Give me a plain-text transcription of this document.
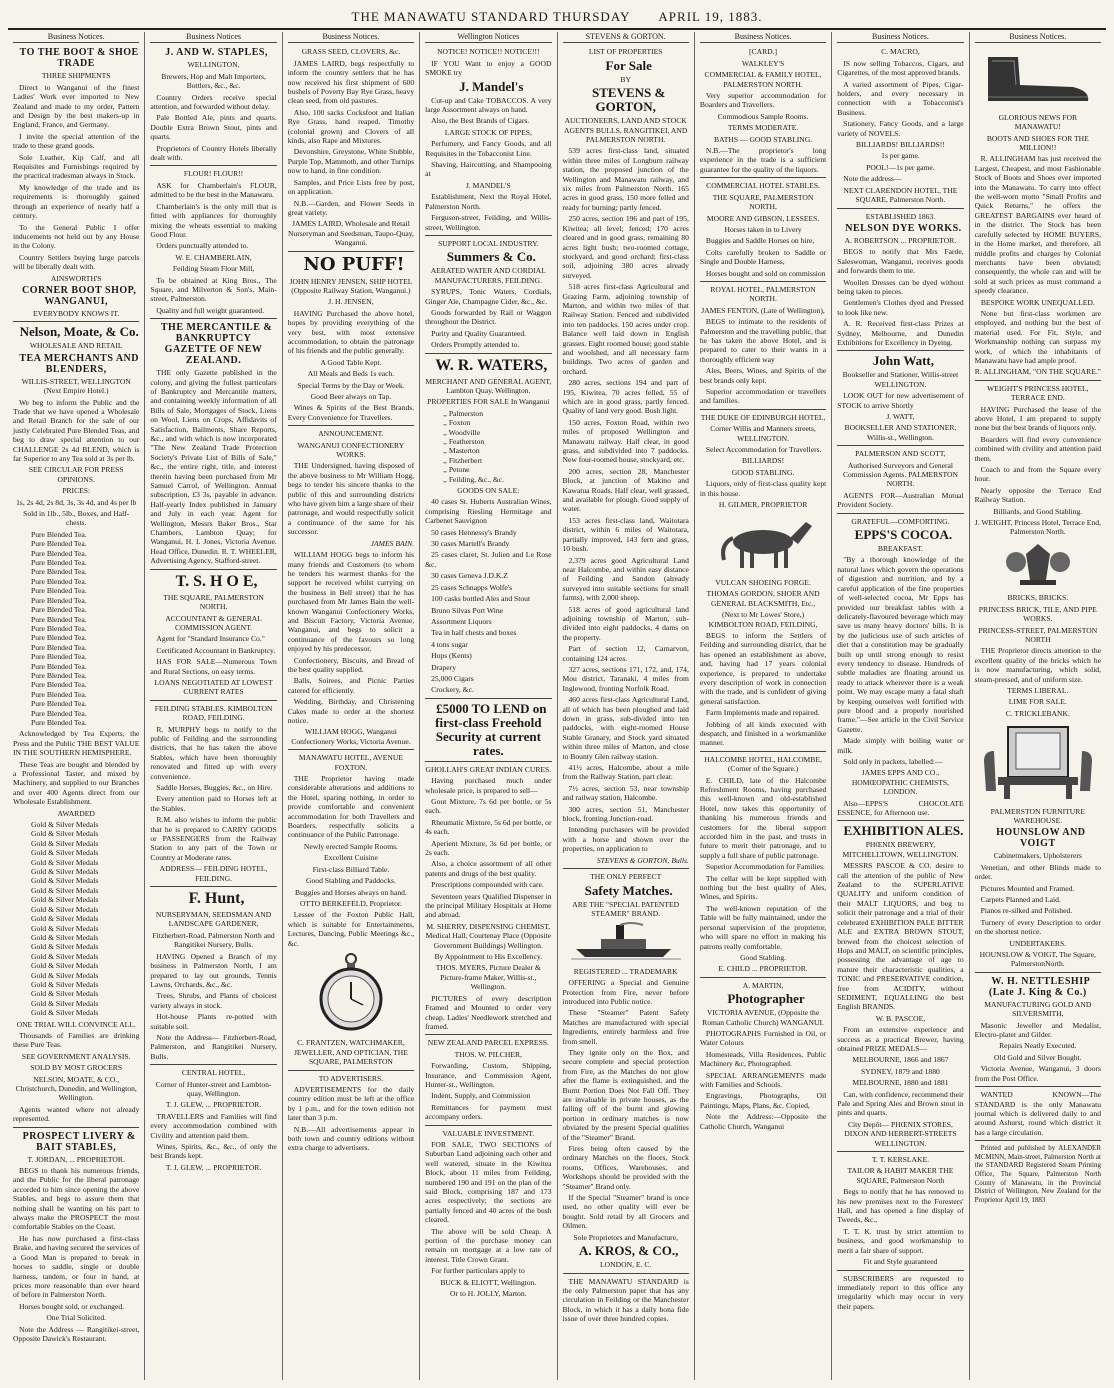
THE MANAWATU STANDARD THURSDAY APRIL 19, 1883.
Business Notices.

TO THE BOOT & SHOE TRADE

THREE SHIPMENTS

Direct to Wanganui of the finest Ladies' Work ever imported to New Zealand and made to my order, Pattern and Design by the best makers-up in England, France, and Germany.

I invite the special attention of the trade to these grand goods.

Sole Leather, Kip Calf, and all Requisites and Furnishings required by the practical tradesman always in Stock.

My knowledge of the trade and its requirements is thoroughly gained through an experience of nearly half a century.

To the General Public I offer inducements not held out by any House in the Colony.

Country Settlers buying large parcels will be liberally dealt with.

AINSWORTH'S

CORNER BOOT SHOP, WANGANUI,

EVERYBODY KNOWS IT.

Nelson, Moate, & Co.

WHOLESALE AND RETAIL

TEA MERCHANTS AND BLENDERS,

WILLIS-STREET, WELLINGTON (Next Empire Hotel.)

We beg to inform the Public and the Trade that we have opened a Wholesale and Retail Branch for the sale of our justly Celebrated Pure Blended Teas, and beg to draw special attention to our CHALLENGE 2s 4d BLEND, which is far Superior to any Tea sold at 3s per lb.

SEE CIRCULAR FOR PRESS OPINIONS.

PRICES:

1s, 2s 4d, 2s 8d, 3s, 3s 4d, and 4s per lb

Sold in 1lb., 5lb., Boxes, and Half-chests.

Pure Blended Tea.
Pure Blended Tea.
Pure Blended Tea.
Pure Blended Tea.
Pure Blended Tea.
Pure Blended Tea.
Pure Blended Tea.
Pure Blended Tea.
Pure Blended Tea.
Pure Blended Tea.
Pure Blended Tea.
Pure Blended Tea.
Pure Blended Tea.
Pure Blended Tea.
Pure Blended Tea.
Pure Blended Tea.
Pure Blended Tea.
Pure Blended Tea.
Pure Blended Tea.
Pure Blended Tea.
Pure Blended Tea.

Acknowledged by Tea Experts, the Press and the Public THE BEST VALUE IN THE SOUTHERN HEMISPHERE.

These Teas are bought and blended by a Professional Taster, and mixed by Machinery, and supplied to our Branches and over 400 Agents direct from our Wholesale Establishment.

AWARDED

Gold & Silver Medals
Gold & Silver Medals
Gold & Silver Medals
Gold & Silver Medals
Gold & Silver Medals
Gold & Silver Medals
Gold & Silver Medals
Gold & Silver Medals
Gold & Silver Medals
Gold & Silver Medals
Gold & Silver Medals
Gold & Silver Medals
Gold & Silver Medals
Gold & Silver Medals
Gold & Silver Medals
Gold & Silver Medals
Gold & Silver Medals
Gold & Silver Medals
Gold & Silver Medals
Gold & Silver Medals
Gold & Silver Medals

ONE TRIAL WILL CONVINCE ALL.

Thousands of Families are drinking these Pure Teas.

SEE GOVERNMENT ANALYSIS.

SOLD BY MOST GROCERS

NELSON, MOATE, & CO., Christchurch, Dunedin, and Wellington, Wellington.

Agents wanted where not already represented.

PROSPECT LIVERY & BAIT STABLES,

T. JORDAN, ... PROPRIETOR.

BEGS to thank his numerous friends, and the Public for the liberal patronage accorded to him since opening the above Stables, and begs to assure them that nothing shall be wanting on his part to always make the PROSPECT the most comfortable Stables on the Coast.

He has now purchased a first-class Brake, and having secured the services of a Good Man is prepared to break in horses to saddle, single or double harness, tandem, or four in hand, at prices more reasonable than ever heard of before in Palmerston North.

Horses bought sold, or exchanged.

One Trial Solicited.

Note the Address — Rangitikei-street, Opposite Dawick's Restaurant.

Business Notices

J. AND W. STAPLES,

WELLINGTON,

Brewers, Hop and Malt Importers, Bottlers, &c., &c.

Country Orders receive special attention, and forwarded without delay.

Pale Bottled Ale, pints and quarts. Double Extra Brown Stout, pints and quarts.

Proprietors of Country Hotels liberally dealt with.

FLOUR! FLOUR!!

ASK for Chamberlain's FLOUR, admitted to be the best in the Manawatu.

Chamberlain's is the only mill that is fitted with appliances for thoroughly mixing the wheats essential to making Good Flour.

Orders punctually attended to.

W. E. CHAMBERLAIN,

Feilding Steam Flour Mill,

To be obtained at King Bros., The Square, and Milverton & Son's, Main-street, Palmerston.

Quality and full weight guaranteed.

THE MERCANTILE & BANKRUPTCY GAZETTE OF NEW ZEALAND.

THE only Gazette published in the colony, and giving the fullest particulars of Bankruptcy and Mercantile matters, and containing weekly information of all Bills of Sale, Mortgages of Stock, Liens on Wool, Liens on Crops, Affidavits of Satisfaction, Bailments, Share Reports, &c., and with which is now incorporated "The New Zealand Trade Protection Society's Private List of Bills of Sale," &c., the entire right, title, and interest therein having been purchased from Mr Samuel Carrol, of Wellington. Annual subscription, £3 3s, payable in advance. Half-yearly Index published in January and July in each year. Agent for Wellington, Messrs Baker Bros., Star Chambers, Lambton Quay; for Wanganui, H. I. Jones, Victoria Avenue. Head Office, Dunedin. R. T. WHEELER, Advertising Agency, Stafford-street.

T. S. H O E,

THE SQUARE, PALMERSTON NORTH.

ACCOUNTANT & GENERAL COMMISSION AGENT.

Agent for "Standard Insurance Co."

Certificated Accountant in Bankruptcy.

HAS FOR SALE—Numerous Town and Rural Sections, on easy terms.

LOANS NEGOTIATED AT LOWEST CURRENT RATES

FEILDING STABLES. KIMBOLTON ROAD, FEILDING.

R. MURPHY begs to notify to the public of Feilding and the surrounding districts, that he has taken the above Stables, which have been thoroughly renovated and fitted up with every convenience.

Saddle Horses, Buggies, &c., on Hire.

Every attention paid to Horses left at the Stables.

R.M. also wishes to inform the public that he is prepared to CARRY GOODS or PASSENGERS from the Railway Station to any part of the Town or Country at Moderate rates.

ADDRESS— FEILDING HOTEL, FEILDING.

F. Hunt,

NURSERYMAN, SEEDSMAN AND LANDSCAPE GARDENER,

Fitzherbert-Road, Palmerston North and Rangitikei Nursery, Bulls.

HAVING Opened a Branch of my business in Palmerston North, I am prepared to lay out grounds, Tennis Lawns, Orchards, &c., &c.

Trees, Shrubs, and Plants of choicest variety always in stock.

Hot-house Plants re-potted with suitable soil.

Note the Address— Fitzherbert-Road, Palmerston, and Rangitikei Nursery, Bulls.

CENTRAL HOTEL,

Corner of Hunter-street and Lambton-quay, Wellington.

T. J. GLEW, ... PROPRIETOR.

TRAVELLERS and Families will find every accommodation combined with Civility and attention paid them.

Wines, Spirits, &c., &c., of only the best Brands kept.

T. J. GLEW, ... PROPRIETOR.

Business Notices.

GRASS SEED, CLOVERS, &c.

JAMES LAIRD, begs respectfully to inform the country settlers that he has now received his first shipment of 600 bushels of Poverty Bay Rye Grass, heavy clean seed, from old pastures.

Also, 100 sacks Cocksfoot and Italian Rye Grass, hand reaped. Timothy (colonial grown) and Clovers of all kinds, also Rape and Mixtures.

Devonshire, Greystone, White Stubble, Purple Top, Mammoth, and other Turnips now to hand, in fine condition.

Samples, and Price Lists free by post, on application.

N.B.—Garden, and Flower Seeds in great variety.

JAMES LAIRD, Wholesale and Retail Nurseryman and Seedsman, Taupo-Quay, Wanganui.

NO PUFF!

JOHN HENRY JENSEN, SHIP HOTEL (Opposite Railway Station, Wanganui.)

J. H. JENSEN,

HAVING Purchased the above hotel, hopes by providing everything of the very best, with most extensive accommodation, to obtain the patronage of his friends and the public generally.

A Good Table Kept.

All Meals and Beds 1s each.

Special Terms by the Day or Week.

Good Beer always on Tap.

Wines & Spirits of the Best Brands. Every Convenience for Travellers.

ANNOUNCEMENT.

WANGANUI CONFECTIONERY WORKS.

THE Undersigned, having disposed of the above business to Mr William Hogg, begs to tender his sincere thanks to the public of this and surrounding districts who have given him a large share of their patronage, and would respectfully solicit a continuance of the same for his successor.

JAMES BAIN.

WILLIAM HOGG begs to inform his many friends and Customers (to whom he tenders his warmest thanks for the support he received whilst carrying on the business in Bell street) that he has purchased from Mr James Bain the well-known Wanganui Confectionery Works, and Biscuit Factory, Victoria Avenue, Wanganui, and begs to solicit a continuance of the favours so long enjoyed by his predecessor.

Confectionery, Biscuits, and Bread of the best quality supplied.

Balls, Soirees, and Picnic Parties catered for efficiently.

Wedding, Birthday, and Christening Cakes made to order at the shortest notice.

WILLIAM HOGG, Wanganui Confectionery Works, Victoria Avenue.

MANAWATU HOTEL, AVENUE FOXTON.

THE Proprietor having made considerable alterations and additions to the Hotel, sparing nothing, in order to provide comfortable and convenient accommodation for both Travellers and Boarders, respectfully solicits a continuance of the Public Patronage.

Newly erected Sample Rooms.

Excellent Cuisine

First-class Billiard Table.

Good Stabling and Paddocks.

Buggies and Horses always on hand.

OTTO BERKEFELD, Proprietor.

Lessee of the Foxton Public Hall, which is suitable for Entertainments, Lectures, Dancing, Public Meetings &c., &c.

C. FRANTZEN, WATCHMAKER, JEWELLER, AND OPTICIAN, THE SQUARE, PALMERSTON

TO ADVERTISERS.

ADVERTISEMENTS for the daily country edition must be left at the office by 1 p.m., and for the town edition not later than 3 p.m.

N.B.—All advertisements appear in both town and country editions without extra charge to advertisers.

Wellington Notices

NOTICE! NOTICE!! NOTICE!!!

IF YOU Want to enjoy a GOOD SMOKE try

J. Mandel's

Cut-up and Cake TOBACCOS. A very large Assortment always on hand.

Also, the Best Brands of Cigars.

LARGE STOCK OF PIPES,

Perfumery, and Fancy Goods, and all Requisites in the Tobacconist Line.

Shaving, Haircutting, and Shampooing at

J. MANDEL'S

Establishment, Next the Royal Hotel, Palmerston North.

Ferguson-street, Feilding, and Willis-street, Wellington.

SUPPORT LOCAL INDUSTRY.

Summers & Co.

AERATED WATER AND CORDIAL MANUFACTURERS, FEILDING.

SYRUPS, Tonic Waters, Cordials, Ginger Ale, Champagne Cider, &c., &c.

Goods forwarded by Rail or Waggon throughout the District.

Purity and Quality Guaranteed.

Orders Promptly attended to.

W. R. WATERS,

MERCHANT AND GENERAL AGENT, Lambton Quay, Wellington.

PROPERTIES FOR SALE In Wanganui

,, Palmerston
,, Foxton
,, Woodville
,, Featherston
,, Masterton
,, Fitzherbert
,, Petone
,, Feilding, &c., &c.

GOODS ON SALE:

40 cases St. Huberts Australian Wines, comprising Riesling Hermitage and Carbenet Sauvignon

50 cases Hennessy's Brandy

30 cases Martell's Brandy

25 cases claret, St. Julien and Le Rose &c.

30 cases Geneva J.D.K.Z

25 cases Schnapps Wolfe's

100 casks bottled Ales and Stout

Bruno Silvas Port Wine

Assortment Liquors

Tea in half chests and boxes

4 tons sugar

Hops (Kents)

Drapery

25,000 Cigars

Crockery, &c.

£5000 TO LEND on first-class Freehold Security at current rates.

GHOLLAH'S GREAT INDIAN CURES.

Having purchased much under wholesale price, is prepared to sell—

Gout Mixture, 7s 6d per bottle, or 5s each.

Rheumatic Mixture, 5s 6d per bottle, or 4s each.

Aperient Mixture, 3s 6d per bottle, or 2s each.

Also, a choice assortment of all other patents and drugs of the best quality.

Prescriptions compounded with care.

Seventeen years Qualified Dispenser in the principal Military Hospitals at Home and abroad.

M. SHERRY, DISPENSING CHEMIST, Medical Hall, Courtenay Place (Opposite Government Buildings) Wellington.

By Appointment to His Excellency.

THOS. MYERS, Picture Dealer & Picture-frame Maker, Willis-st., Wellington.

PICTURES of every description Framed and Mounted to order very cheap. Ladies' Needlework stretched and framed.

NEW ZEALAND PARCEL EXPRESS.

THOS. W. PILCHER,

Forwarding, Custom, Shipping, Insurance, and Commission Agent, Hunter-st., Wellington.

Indent, Supply, and Commission

Remittances for payment must accompany orders.

VALUABLE INVESTMENT.

FOR SALE, TWO SECTIONS of Suburban Land adjoining each other and well watered, situate in the Kiwitea Block, about 11 miles from Feilding, numbered 190 and 191 on the plan of the said Block, comprising 187 and 173 acres respectively; the sections are partially fenced and 40 acres of the bush cleared.

The above will be sold Cheap. A portion of the purchase money can remain on mortgage at a low rate of interest. Title Crown Grant.

For further particulars apply to

BUCK & ELIOTT, Wellington.

Or to H. JOLLY, Marton.

STEVENS & GORTON.

LIST OF PROPERTIES

For Sale

BY

STEVENS & GORTON,

AUCTIONEERS, LAND AND STOCK AGENTS BULLS, RANGITIKEI, AND PALMERSTON NORTH.

539 acres first-class land, situated within three miles of Longburn railway station, the proposed junction of the Wellington and Manawatu railway, and six miles from Palmerston North. 165 acres in good grass, 150 more felled and ready for burning; partly fenced.

250 acres, section 196 and part of 195, Kiwitea; all level; fenced; 170 acres cleared and in good grass, remaining 80 acres light bush; two-roomed cottage, stockyard, and good orchard; first-class soil, adjoining 380 acres already surveyed.

518 acres first-class Agricultural and Grazing Farm, adjoining township of Marton, and within two miles of that Railway Station. Fenced and subdivided into ten paddocks. 150 acres under crop. Balance well laid down in English grasses. Eight roomed house; good stable and woolshed, and all necessary farm buildings. Two acres of garden and orchard.

280 acres, sections 194 and part of 195, Kiwitea, 70 acres felled, 55 of which are in good grass, partly fenced. Quality of land very good. Bush light.

150 acres, Foxton Road, within two miles of proposed Wellington and Manawatu railway. Half clear, in good grass, and subdivided into 7 paddocks. New four-roomed house, stockyard, etc.

200 acres, section 28, Manchester Block, at junction of Makino and Kawatua Roads. Half clear, well grassed, and available for plough. Good supply of water.

153 acres first-class land, Waitotara district, within 6 miles of Waitotara, partially improved, 143 fern and grass, 10 bush.

2,379 acres good Agricultural Land near Halcombe, and within easy distance of Feilding and Sandon (already surveyed into suitable sections for small farms), with 2,000 sheep.

518 acres of good agricultural land adjoining township of Marton, sub-divided into eight paddocks, 4 dams on the property.

Part of section 12, Carnarvon, containing 124 acres.

327 acres, sections 171, 172, and, 174, Mou district, Taranaki, 4 miles from Inglewood, fronting Norfolk Road.

460 acres first-class Agricultural Land, all of which has been ploughed and laid down in grass, sub-divided into ten paddocks, with eight-roomed House Stable Granary, and Stock yard situated within three miles of Marton, and close to Bounty Glen railway station.

41½ acres, Halcombe, about a mile from the Railway Station, part clear.

7½ acres, section 53, near township and railway station, Halcombe.

300 acres, section 51, Manchester block, fronting Junction-road.

Intending purchasers will be provided with a horse and shown over the properties, on application to

STEVENS & GORTON, Bulls.

THE ONLY PERFECT

Safety Matches.

ARE THE "SPECIAL PATENTED STEAMER" BRAND.

REGISTERED ... TRADEMARK

OFFERING a Special and Genuine Protection from Fire, never before introduced into Public notice.

These "Steamer" Patent Safety Matches are manufactured with special Ingredients, entirely harmless and free from smell.

They ignite only on the Box, and secure complete and special protection from Fire, as the Matches do not glow after the flame is extinguished, and the Burnt Portion Does Not Fall Off. They are invaluable in private houses, as the falling off of the burnt and glowing portion in ordinary matches is now obviated by the present Special qualities of the "Steamer" Brand.

Fires being often caused by the ordinary Matches on the floors, Stock rooms, Offices, Warehouses, and Workshops should be provided with the "Steamer" Brand only.

If the Special "Steamer" brand is once used, no other quality will ever be bought. Sold retail by all Grocers and Oilmen.

Sole Proprietors and Manufacture,

A. KROS, & CO.,

LONDON, E. C.

THE MANAWATU STANDARD is the only Palmerston paper that has any circulation in Feilding or the Manchester Block, in which it has a daily bona fide issue of over three hundred copies.

Business Notices.

[CARD.]

WALKLEY'S

COMMERCIAL & FAMILY HOTEL, PALMERSTON NORTH.

Very superior accommodation for Boarders and Travellers.

Commodious Sample Rooms.

TERMS MODERATE.

BATHS — GOOD STABLING.

N.B.—The proprietor's long experience in the trade is a sufficient guarantee for the quality of the liquors.

COMMERCIAL HOTEL STABLES.

THE SQUARE, PALMERSTON NORTH,

MOORE AND GIBSON, LESSEES.

Horses taken in to Livery

Buggies and Saddle Horses on hire,

Colts carefully broken to Saddle or Single and Double Harness,

Horses bought and sold on commission

ROYAL HOTEL, PALMERSTON NORTH.

JAMES FENTON, (Late of Wellington),

BEGS to intimate to the residents of Palmerston and the travelling public, that he has taken the above Hotel, and is prepared to cater to their wants in a thoroughly efficient way

Ales, Beers, Wines, and Spirits of the best brands only kept.

Superior accommodation or travellers and families.

THE DUKE OF EDINBURGH HOTEL,

Corner Willis and Manners streets, WELLINGTON.

Select Accommodation for Travellers.

BILLIARDS!

GOOD STABLING.

Liquors, only of first-class quality kept in this house.

H. GILMER, PROPRIETOR

VULCAN SHOEING FORGE.

THOMAS GORDON, SHOER AND GENERAL BLACKSMITH, Etc.,

(Next to Mr Lowes' Store,) KIMBOLTON ROAD, FEILDING,

BEGS to inform the Settlers of Feilding and surrounding district, that he has opened an establishment as above, and, having had 17 years colonial experience, is prepared to undertake every description of work in connection with the trade, and is confident of giving general satisfaction.

Farm Implements made and repaired.

Jobbing of all kinds executed with despatch, and finished in a workmanlike manner.

HALCOMBE HOTEL, HALCOMBE, (Corner of the Square.)

E. CHILD, late of the Halcombe Refreshment Rooms, having purchased this well-known and old-established Hotel, now takes this opportunity of thanking his numerous friends and customers for the liberal support accorded him in the past, and trusts in future to merit their patronage, and to supply a full share of public patronage.

Superior Accommodation for Families.

The cellar will be kept supplied with nothing but the best quality of Ales, Wines, and Spirits.

The well-known reputation of the Table will be fully maintained, under the personal supervision of the proprietor, who will spare no effort in making his patrons really comfortable.

Good Stabling.

E. CHILD ... PROPRIETOR.

A. MARTIN,

Photographer

VICTORIA AVENUE, (Opposite the Roman Catholic Church) WANGANUI.

PHOTOGRAPHS Furnished in Oil, or Water Colours

Homesteads, Villa Residences, Public Machinery &c, Photographed.

SPECIAL ARRANGEMENTS made with Families and Schools.

Engravings, Photographs, Oil Paintings, Maps, Plans, &c. Copied,

Note the Address:—Opposite the Catholic Church, Wanganui

Business Notices.

C. MACRO,

IS now selling Tobaccos, Cigars, and Cigarettes, of the most approved brands.

A varied assortment of Pipes, Cigar-holders, and every necessary in connection with a Tobacconist's Business.

Stationery, Fancy Goods, and a large variety of NOVELS.

BILLIARDS! BILLIARDS!!

1s per game.

POOL!—1s per game.

Note the address—

NEXT CLARENDON HOTEL, THE SQUARE, Palmerston North.

ESTABLISHED 1863.

NELSON DYE WORKS.

A. ROBERTSON ... PROPRIETOR.

BEGS to notify that Mrs Farde, Saleswoman, Wanganui, receives goods and forwards them to me.

Woollen Dresses can be dyed without being taken to pieces.

Gentlemen's Clothes dyed and Pressed to look like new.

A. R. Received first-class Prizes at Sydney, Melbourne, and Dunedin Exhibitions for Excellency in Dyeing.

John Watt,

Bookseller and Stationer, Willis-street WELLINGTON.

LOOK OUT for new advertisement of STOCK to arrive Shortly

J. WATT,

BOOKSELLER AND STATIONER, Willis-st., Wellington.

PALMERSON AND SCOTT,

Authorised Surveyors and General Commission Agents. PALMERSTON NORTH.

AGENTS FOR—Australian Mutual Provident Society.

GRATEFUL—COMFORTING.

EPPS'S COCOA.

BREAKFAST.

"By a thorough knowledge of the natural laws which govern the operations of digestion and nutrition, and by a careful application of the fine properties of well-selected cocoa, Mr Epps has provided our breakfast tables with a delicately-flavoured beverage which may save us many heavy doctors' bills. It is by the judicious use of such articles of diet that a constitution may be gradually built up until strong enough to resist every tendency to disease. Hundreds of subtle maladies are floating around us ready to attack wherever there is a weak point. We may escape many a fatal shaft by keeping ourselves well fortified with pure blood and a properly nourished frame."—See article in the Civil Service Gazette.

Made simply with boiling water or milk.

Sold only in packets, labelled:—

JAMES EPPS AND CO., HOMŒOPATHIC CHEMISTS, LONDON.

Also—EPPS'S CHOCOLATE ESSENCE, for Afternoon use.

EXHIBITION ALES.

PHŒNIX BREWERY, MITCHELLTOWN, WELLINGTON.

MESSRS PASCOE & CO. desire to call the attention of the public of New Zealand to the SUPERLATIVE QUALITY and uniform condition of their MALT LIQUORS, and beg to solicit their patronage and a trial of their celebrated EXHIBITION PALE BITTER ALE and EXTRA BROWN STOUT, brewed from the choicest selection of Hops and MALT, on scientific principles, possessing the advantage of age to mature their characteristic qualities, a TONIC and PRESERVATIVE condition, free from ACIDITY, without SEDIMENT, EQUALLING the best English BRANDS.

W. B. PASCOE,

From an extensive experience and success as a practical Brewer, having obtained PRIZE MEDALS—

MELBOURNE, 1866 and 1867

SYDNEY, 1879 and 1880

MELBOURNE, 1880 and 1881

Can, with confidence, recommend their Pale and Spring Ales and Brown stout in pints and quarts.

City Depôt— PHŒNIX STORES, DIXON AND HERBERT-STREETS WELLINGTON.

T. T. KERSLAKE.

TAILOR & HABIT MAKER THE SQUARE, Palmerston North

Begs to notify that he has removed to his new premises next to the Foresters' Hall, and has opened a fine display of Tweeds, &c.,

T. T. K. trust by strict attention to business, and good workmanship to merit a fair share of support.

Fit and Style guaranteed

SUBSCRIBERS are requested to immediately report to this office any irregularity which may occur in very their papers.

Business Notices.

GLORIOUS NEWS FOR MANAWATU!

BOOTS AND SHOES FOR THE MILLION!!

R. ALLINGHAM has just received the Largest, Cheapest, and most Fashionable Stock of Boots and Shoes ever imported into the Manawatu. To carry into effect the well-worn motto "Small Profits and Quick Returns," he offers the GREATEST BARGAINS ever heard of in the district. The Stock has been carefully selected by HOME BUYERS, in the Home market, and therefore, all middle profits and charges by Colonial merchants have been obviated; consequently, the whole can and will be sold at such prices as must command a speedy clearance.

BESPOKE WORK UNEQUALLED.

None but first-class workmen are employed, and nothing but the best of material used. For Fit, Style, and Workmanship nothing can surpass my work, of which the inhabitants of Manawatu have had ample proof.

R. ALLINGHAM, "ON THE SQUARE."

WEIGHT'S PRINCESS HOTEL, TERRACE END.

HAVING Purchased the lease of the above Hotel, I am prepared to supply none but the best brands of liquors only.

Boarders will find every convenience combined with civility and attention paid them.

Coach to and from the Square every hour.

Nearly opposite the Terrace End Railway Station.

Billiards, and Good Stabling.

J. WEIGHT, Princess Hotel, Terrace End, Palmerston North.

BRICKS, BRICKS.

PRINCESS BRICK, TILE, AND PIPE WORKS.

PRINCESS-STREET, PALMERSTON NORTH

THE Proprietor directs attention to the excellent quality of the bricks which he is now manufacturing, which solid, steam-pressed, and of uniform size.

TERMS LIBERAL.

LIME FOR SALE.

C. TRICKLEBANK.

PALMERSTON FURNITURE WAREHOUSE.

HOUNSLOW AND VOIGT

Cabinetmakers, Upholsterers

Venetian, and other Blinds made to order.

Pictures Mounted and Framed.

Carpets Planned and Laid.

Pianos re-silked and Polished.

Turnery of every Description to order on the shortest notice.

UNDERTAKERS.

HOUNSLOW & VOIGT, The Square, PalmerstonNorth.

W. H. NETTLESHIP (Late J. King & Co.)

MANUFACTURING GOLD AND SILVERSMITH,

Masonic Jeweller and Medalist, Electro-plater and Gilder.

Repairs Neatly Executed.

Old Gold and Silver Bought.

Victoria Avenue, Wanganui, 3 doors from the Post Office.

WANTED KNOWN—The STANDARD is the only Manawatu journal which is delivered daily to and around Ashurst, round which district it has a large circulation.

Printed and published by ALEXANDER MCMINN, Main-street, Palmerston North at the STANDARD Registered Steam Printing Office, The Square, Palmerston North County of Manawatu, in the Provincial District of Wellington, New Zealand for the Proprietor April 19, 1883
